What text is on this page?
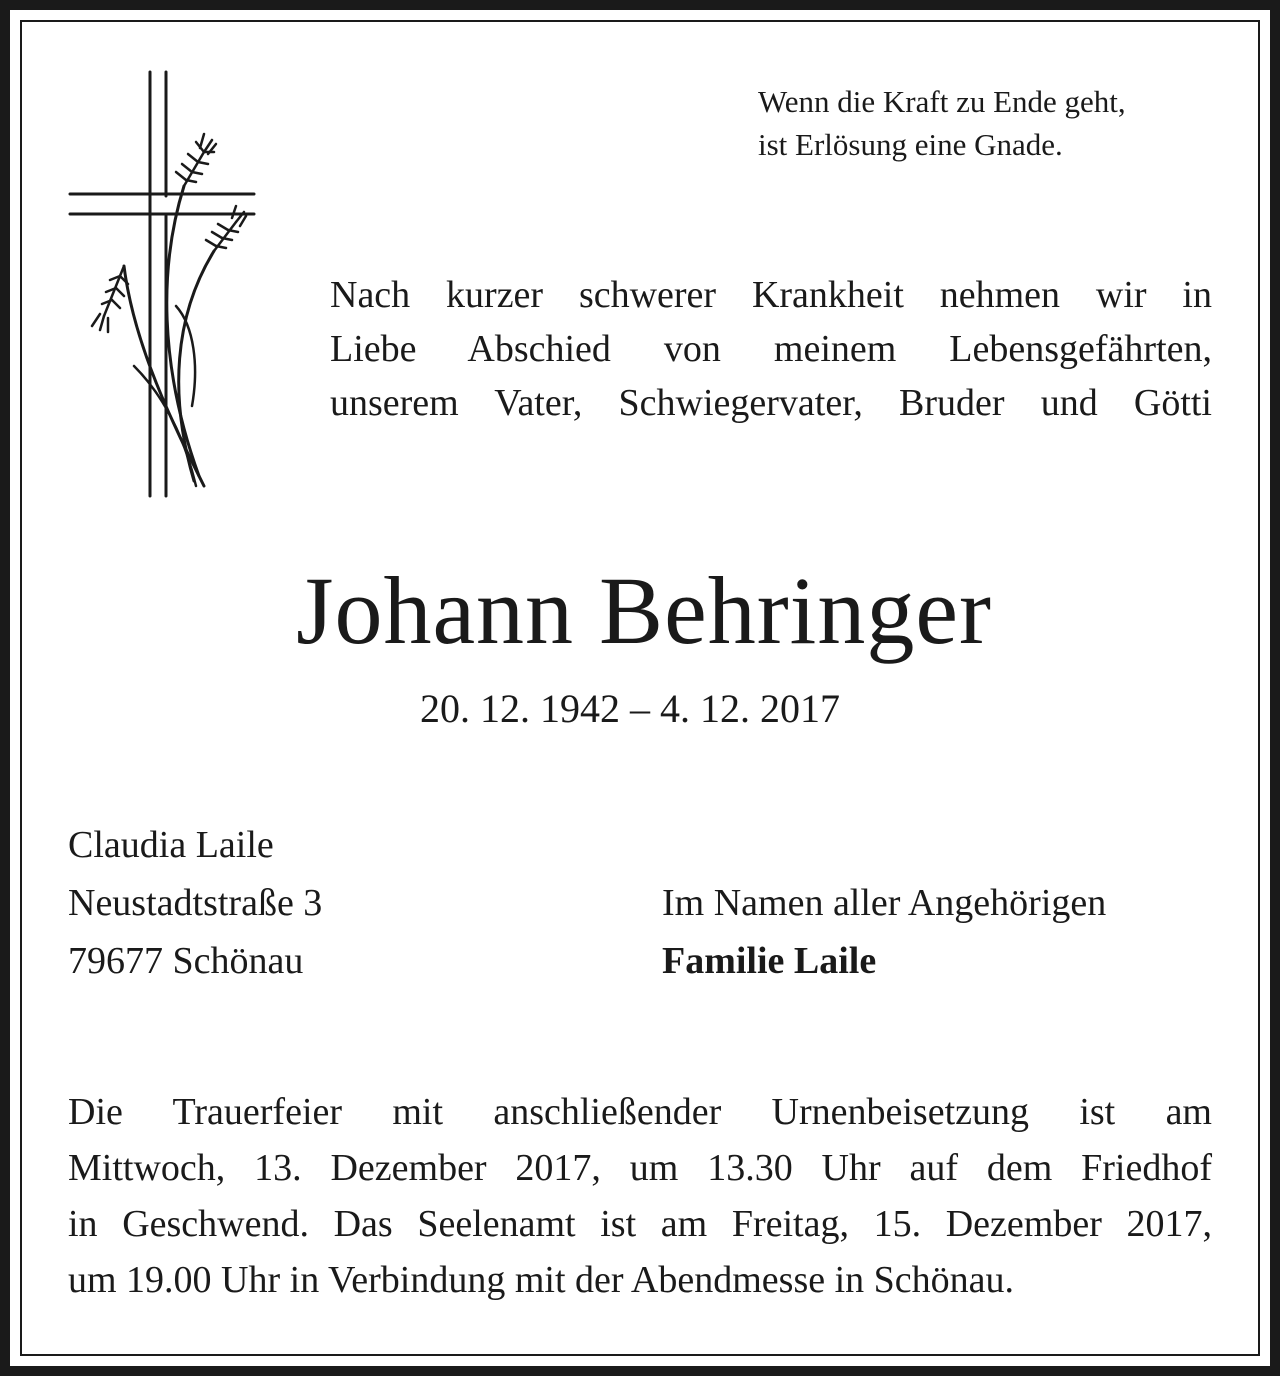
Wenn die Kraft zu Ende geht,
ist Erlösung eine Gnade.
Nach kurzer schwerer Krankheit nehmen wir in
Liebe Abschied von meinem Lebensgefährten,
unserem Vater, Schwiegervater, Bruder und Götti
Johann Behringer
20. 12. 1942 – 4. 12. 2017
Claudia Laile
Neustadtstraße 3
79677 Schönau
Im Namen aller Angehörigen
Familie Laile
Die Trauerfeier mit anschließender Urnenbeisetzung ist am
Mittwoch, 13. Dezember 2017, um 13.30 Uhr auf dem Friedhof
in Geschwend. Das Seelenamt ist am Freitag, 15. Dezember 2017,
um 19.00 Uhr in Verbindung mit der Abendmesse in Schönau.
